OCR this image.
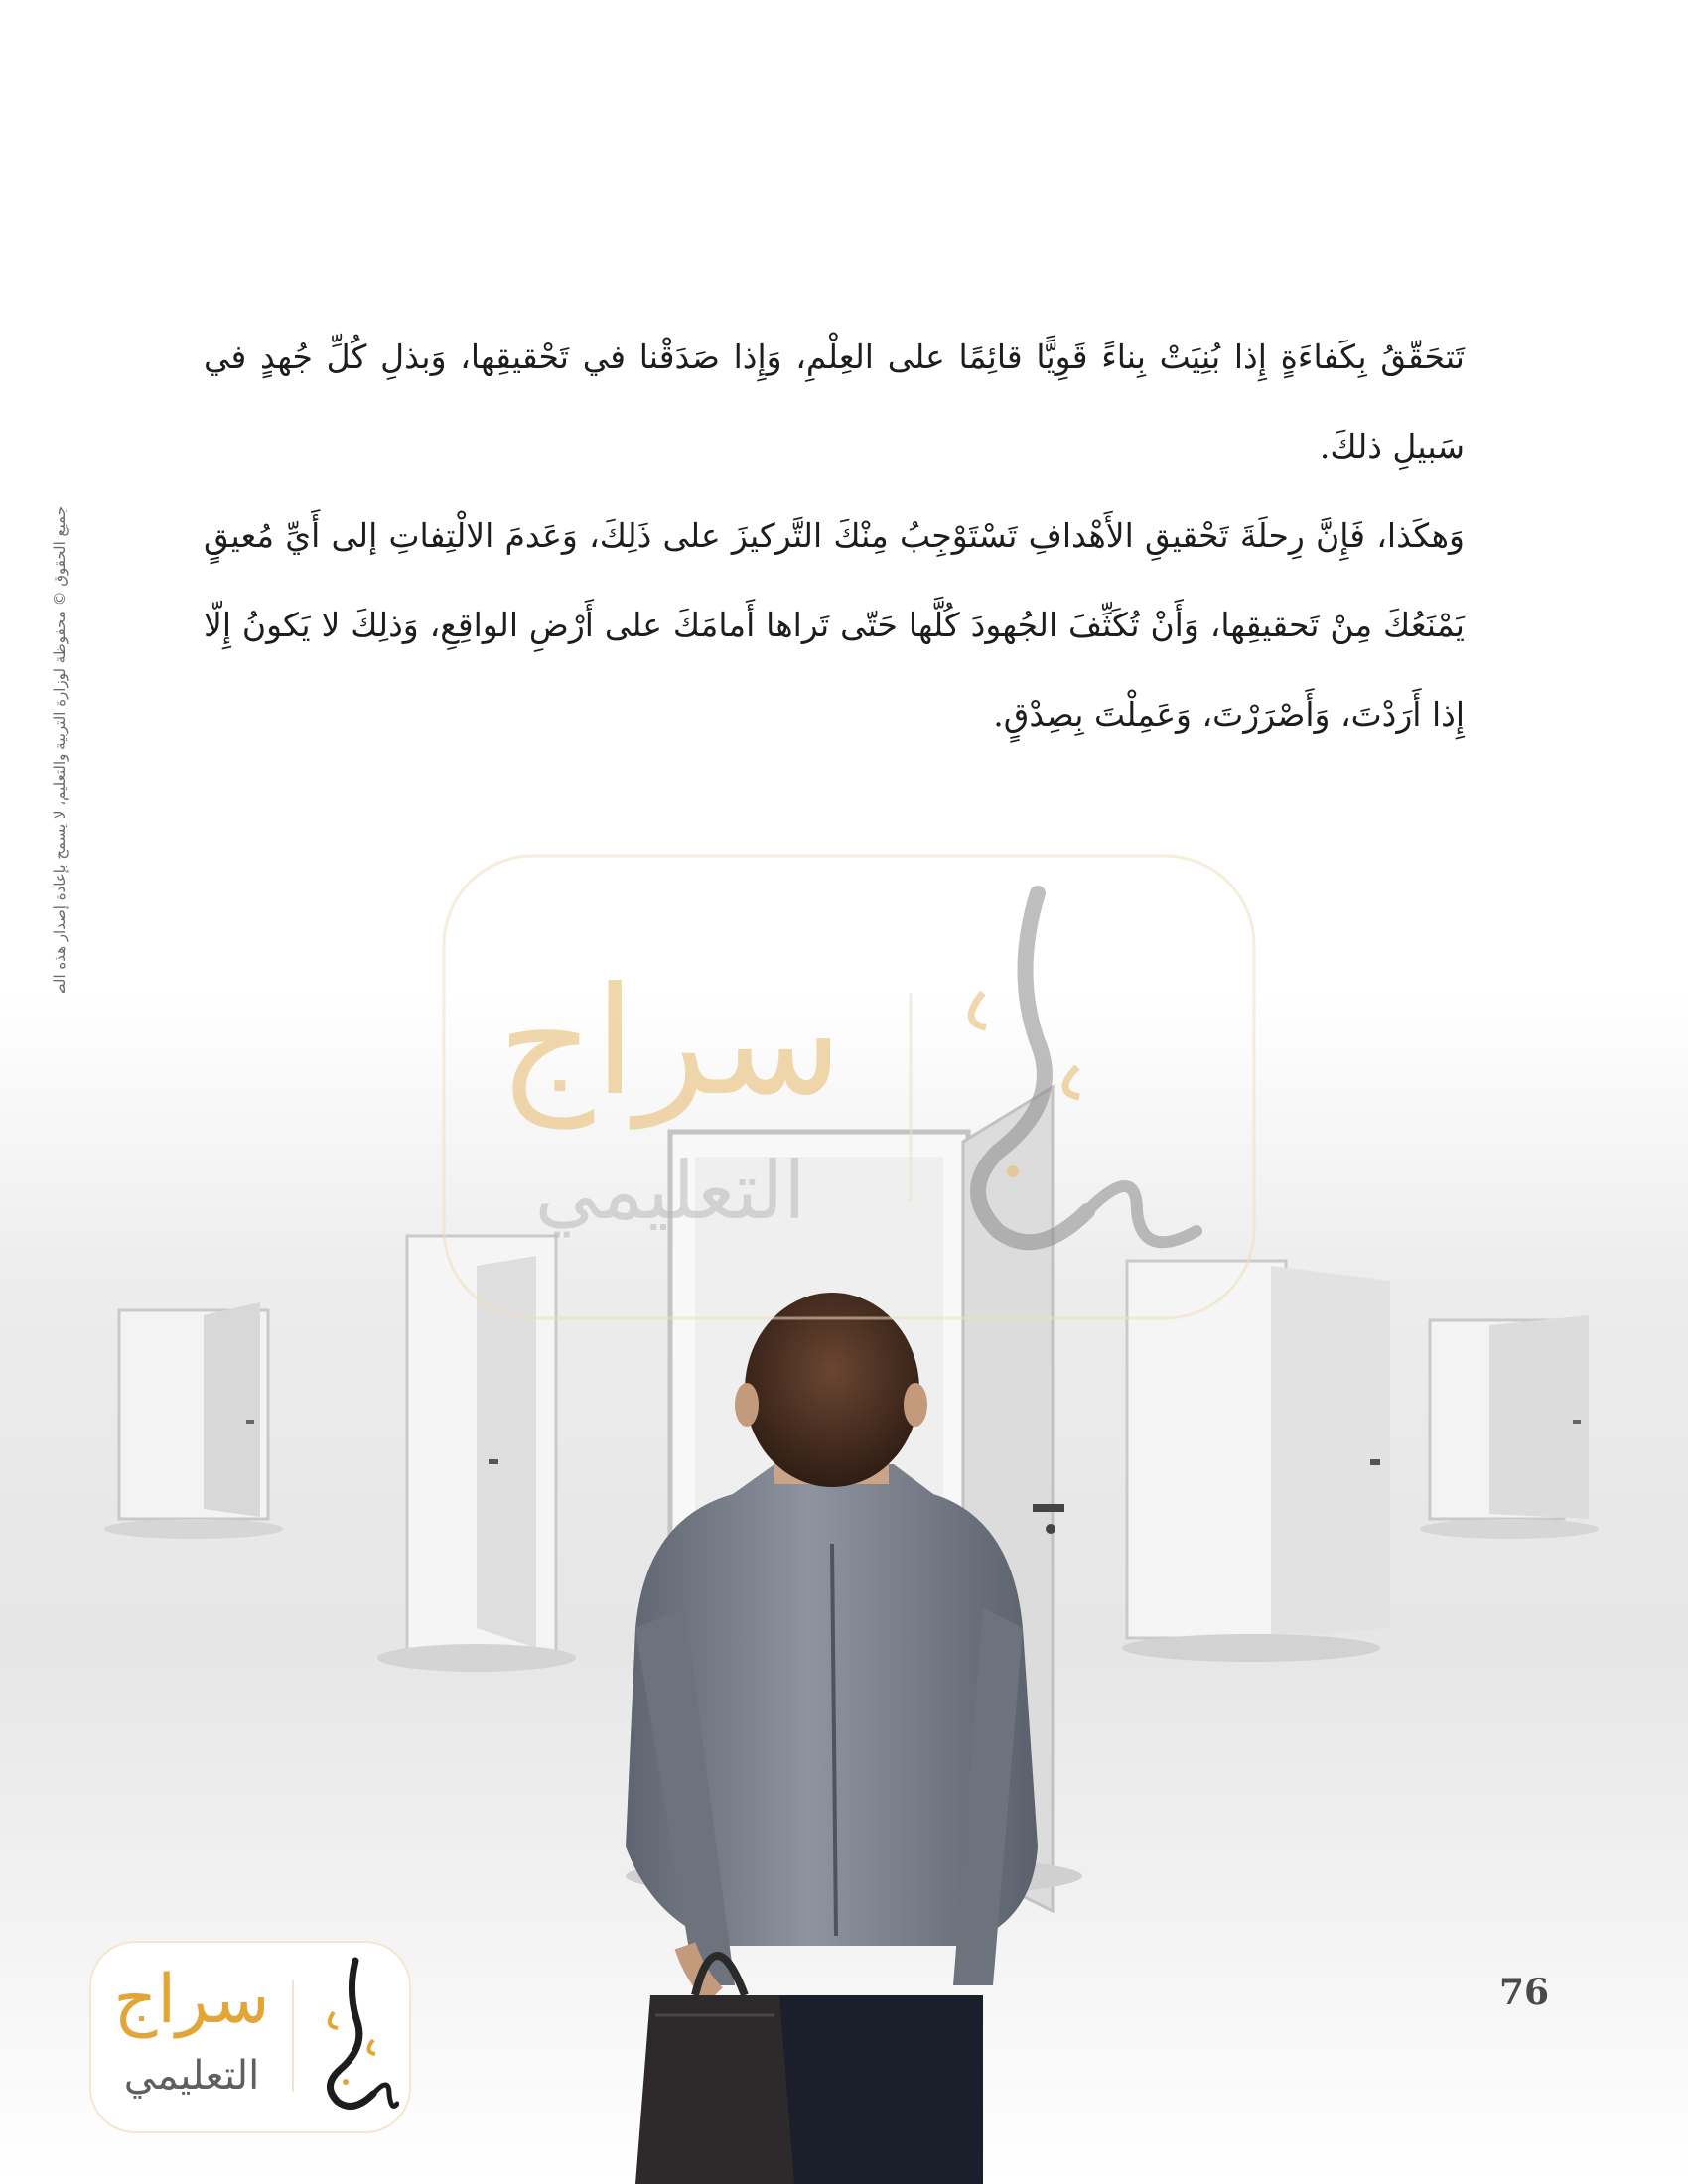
تَتحَقّقُ بِكَفاءَةٍ إِذا بُنِيَتْ بِناءً قَوِيًّا قائِمًا على العِلْمِ، وَإِذا صَدَقْنا في تَحْقيقِها، وَبذلِ كُلِّ جُهدٍ في سَبيلِ ذلكَ.

وَهكَذا، فَإِنَّ رِحلَةَ تَحْقيقِ الأَهْدافِ تَسْتَوْجِبُ مِنْكَ التَّركيزَ على ذَلِكَ، وَعَدمَ الالْتِفاتِ إلى أَيِّ مُعيقٍ يَمْنَعُكَ مِنْ تَحقيقِها، وَأَنْ تُكَثِّفَ الجُهودَ كُلَّها حَتّى تَراها أَمامَكَ على أَرْضِ الواقِعِ، وَذلِكَ لا يَكونُ إِلّا إِذا أَرَدْتَ، وَأَصْرَرْتَ، وَعَمِلْتَ بِصِدْقٍ.

سراج
التعليمي
سراج
التعليمي
76
